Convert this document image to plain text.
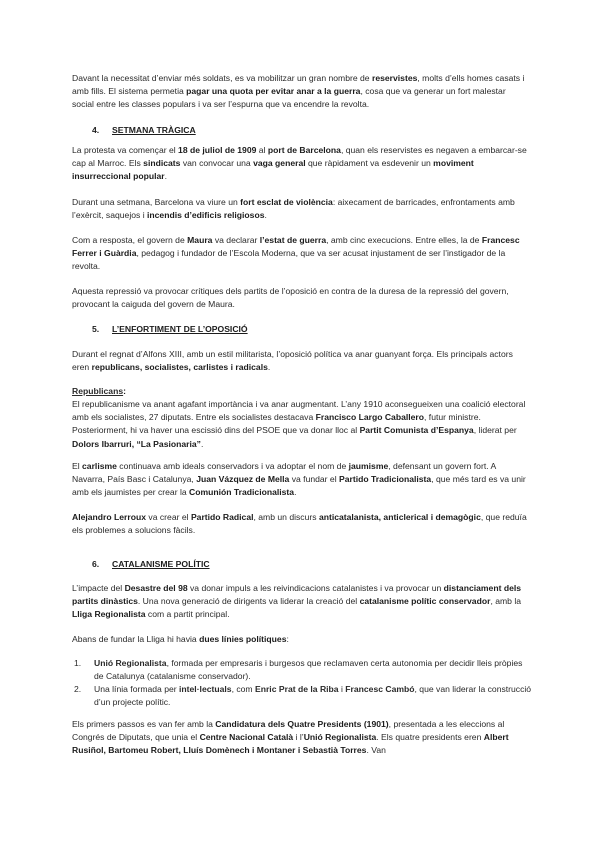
Davant la necessitat d’enviar més soldats, es va mobilitzar un gran nombre de reservistes, molts d’ells homes casats i amb fills. El sistema permetia pagar una quota per evitar anar a la guerra, cosa que va generar un fort malestar social entre les classes populars i va ser l’espurna que va encendre la revolta.

La protesta va començar el 18 de juliol de 1909 al port de Barcelona, quan els reservistes es negaven a embarcar-se cap al Marroc. Els sindicats van convocar una vaga general que ràpidament va esdevenir un moviment insurreccional popular.

Durant una setmana, Barcelona va viure un fort esclat de violència: aixecament de barricades, enfrontaments amb l’exèrcit, saquejos i incendis d’edificis religiosos.

Com a resposta, el govern de Maura va declarar l’estat de guerra, amb cinc execucions. Entre elles, la de Francesc Ferrer i Guàrdia, pedagog i fundador de l’Escola Moderna, que va ser acusat injustament de ser l’instigador de la revolta.

Aquesta repressió va provocar crítiques dels partits de l’oposició en contra de la duresa de la repressió del govern, provocant la caiguda del govern de Maura.

Durant el regnat d’Alfons XIII, amb un estil militarista, l’oposició política va anar guanyant força. Els principals actors eren republicans, socialistes, carlistes i radicals.

El republicanisme va anant agafant importància i va anar augmentant. L’any 1910 aconsegueixen una coalició electoral amb els socialistes, 27 diputats. Entre els socialistes destacava Francisco Largo Caballero, futur ministre. Posteriorment, hi va haver una escissió dins del PSOE que va donar lloc al Partit Comunista d’Espanya, liderat per Dolors Ibarruri, “La Pasionaria”.

El carlisme continuava amb ideals conservadors i va adoptar el nom de jaumisme, defensant un govern fort. A Navarra, País Basc i Catalunya, Juan Vázquez de Mella va fundar el Partido Tradicionalista, que més tard es va unir amb els jaumistes per crear la Comunión Tradicionalista.

Alejandro Lerroux va crear el Partido Radical, amb un discurs anticatalanista, anticlerical i demagògic, que reduïa els problemes a solucions fàcils.

L’impacte del Desastre del 98 va donar impuls a les reivindicacions catalanistes i va provocar un distanciament dels partits dinàstics. Una nova generació de dirigents va liderar la creació del catalanisme polític conservador, amb la Lliga Regionalista com a partit principal.

Abans de fundar la Lliga hi havia dues línies polítiques:

Els primers passos es van fer amb la Candidatura dels Quatre Presidents (1901), presentada a les eleccions al Congrés de Diputats, que unia el Centre Nacional Català i l’Unió Regionalista. Els quatre presidents eren Albert Rusiñol, Bartomeu Robert, Lluís Domènech i Montaner i Sebastià Torres. Van

4. SETMANA TRÀGICA
5. L’ENFORTIMENT DE L’OPOSICIÓ
6. CATALANISME POLÍTIC

Republicans:

1. Unió Regionalista, formada per empresaris i burgesos que reclamaven certa autonomia per decidir lleis pròpies de Catalunya (catalanisme conservador).

2. Una línia formada per intel·lectuals, com Enric Prat de la Riba i Francesc Cambó, que van liderar la construcció d’un projecte polític.
